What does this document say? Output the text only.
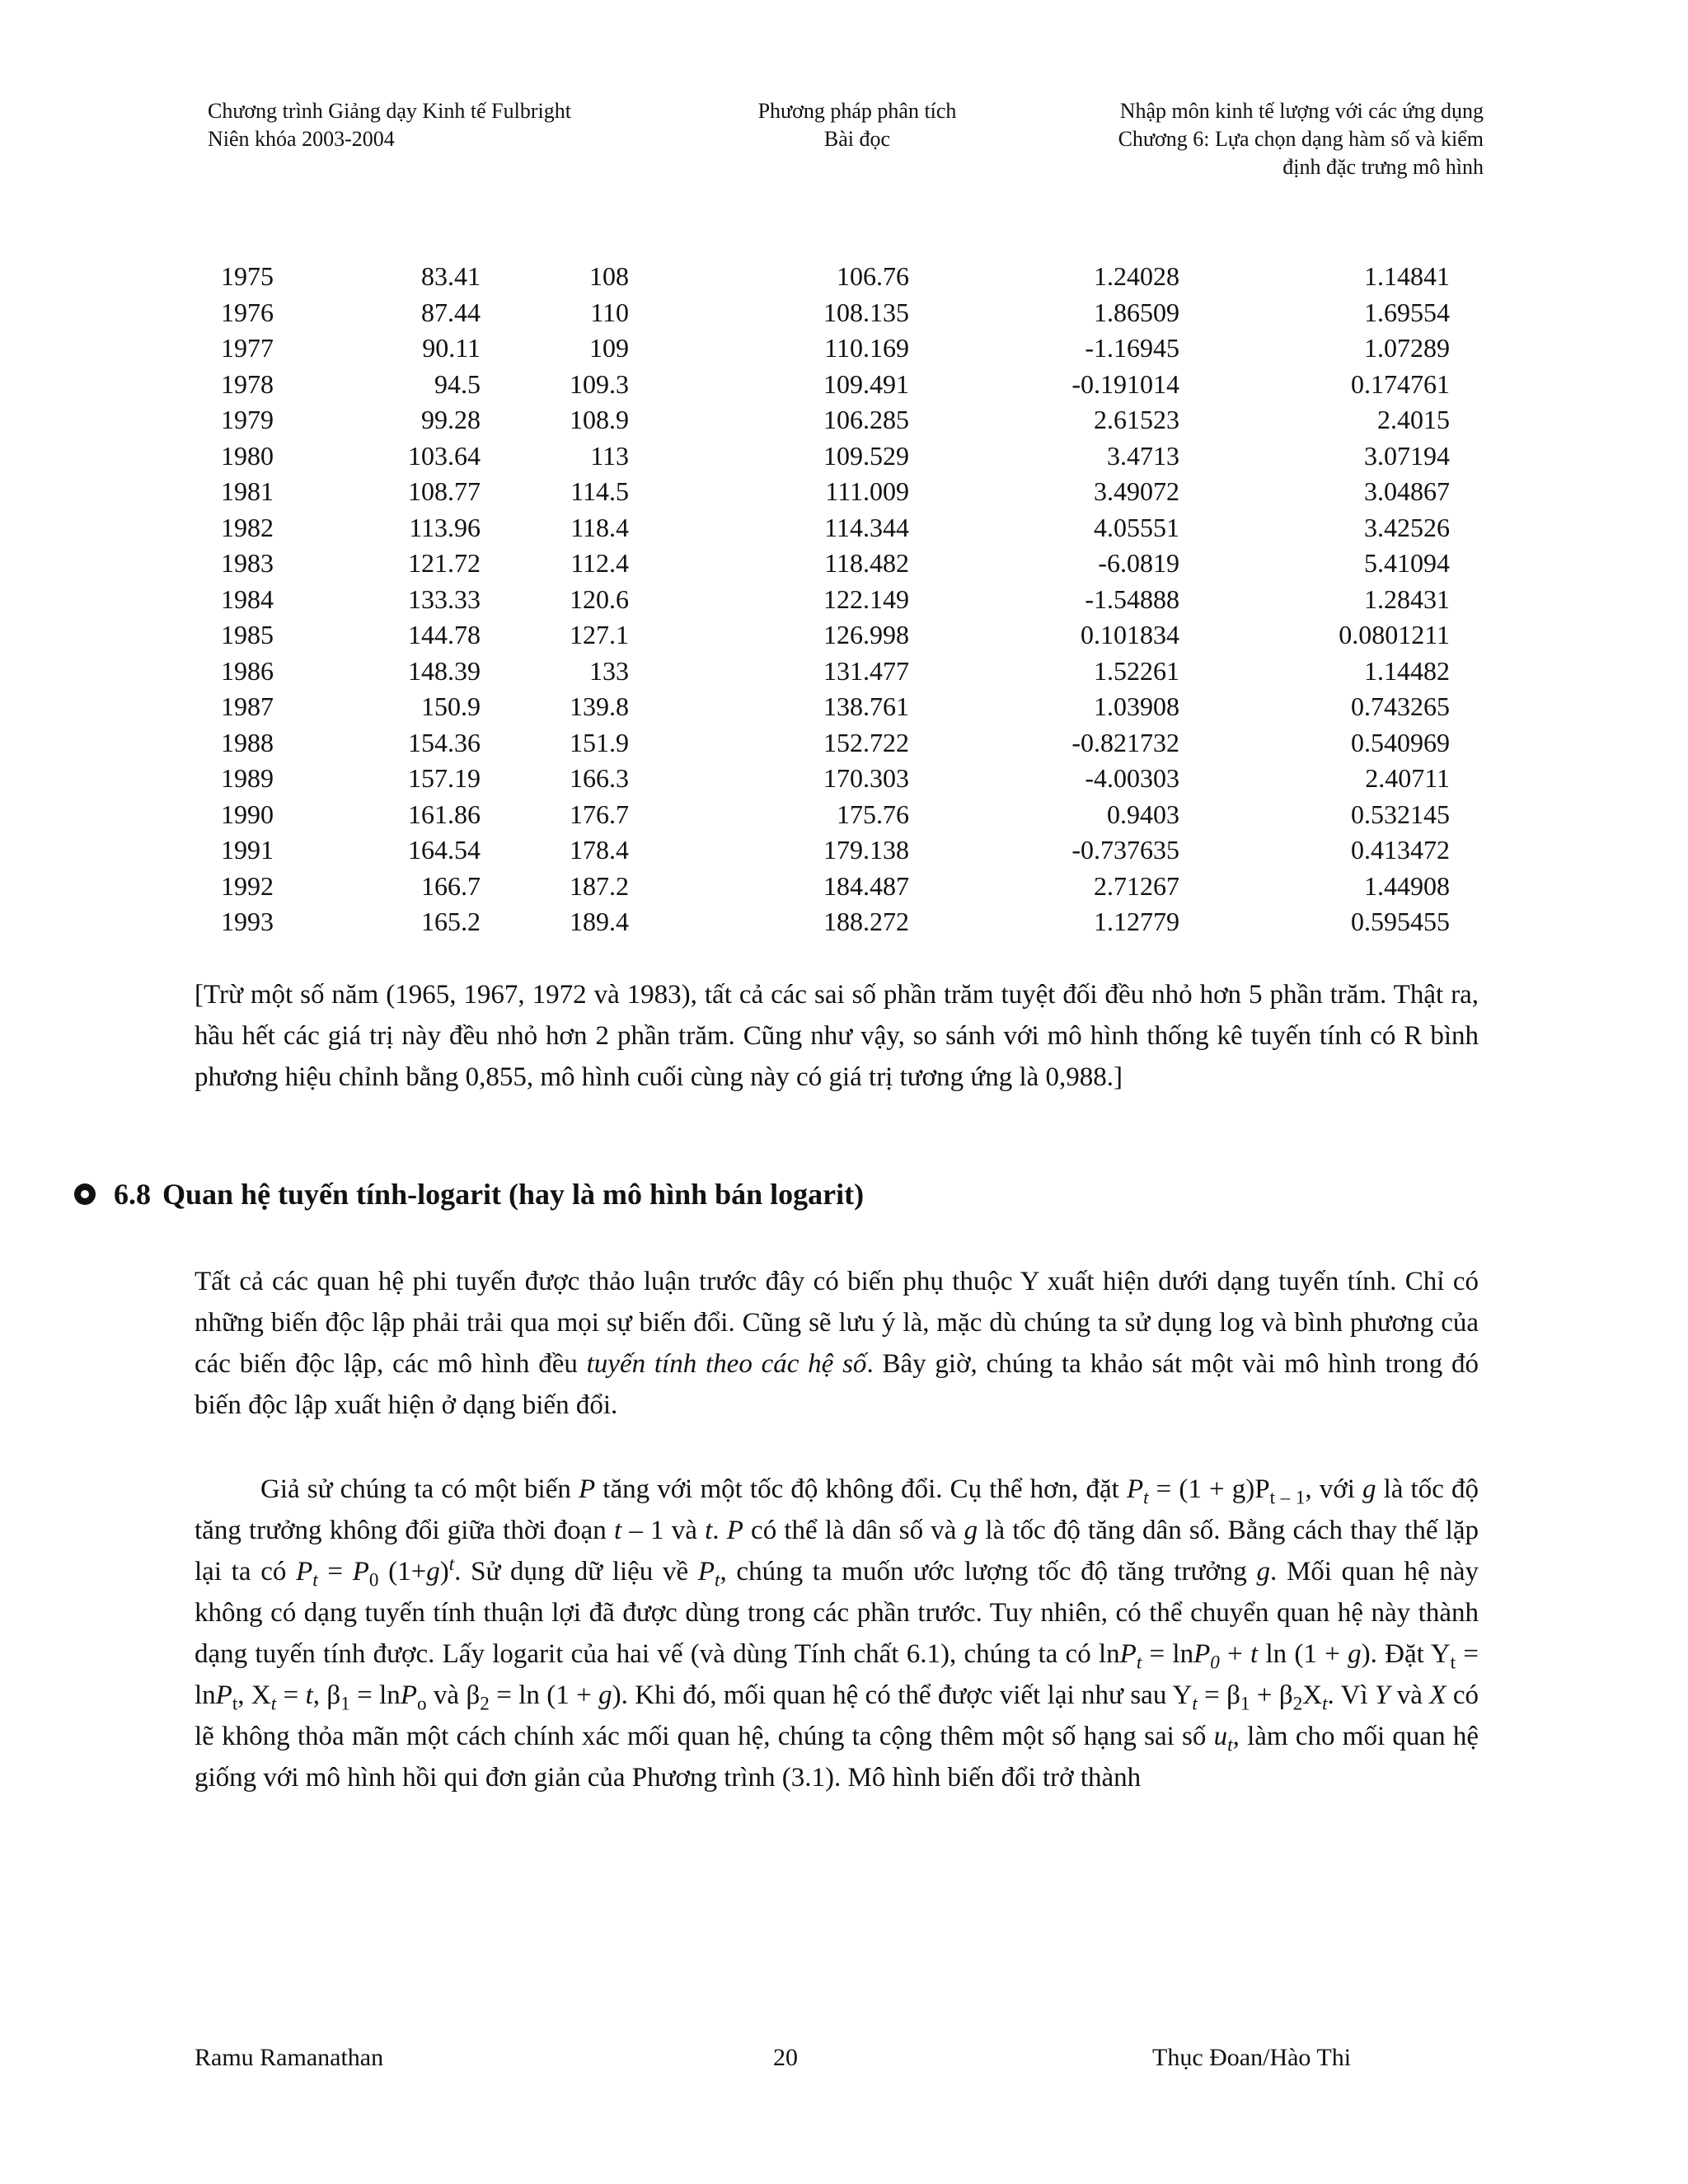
Chương trình Giảng dạy Kinh tế Fulbright
Niên khóa 2003-2004
Phương pháp phân tích
Bài đọc
Nhập môn kinh tế lượng với các ứng dụng
Chương 6: Lựa chọn dạng hàm số và kiểm
định đặc trưng mô hình
1975	83.41	108	106.76	1.24028	1.14841
1976	87.44	110	108.135	1.86509	1.69554
1977	90.11	109	110.169	-1.16945	1.07289
1978	94.5	109.3	109.491	-0.191014	0.174761
1979	99.28	108.9	106.285	2.61523	2.4015
1980	103.64	113	109.529	3.4713	3.07194
1981	108.77	114.5	111.009	3.49072	3.04867
1982	113.96	118.4	114.344	4.05551	3.42526
1983	121.72	112.4	118.482	-6.0819	5.41094
1984	133.33	120.6	122.149	-1.54888	1.28431
1985	144.78	127.1	126.998	0.101834	0.0801211
1986	148.39	133	131.477	1.52261	1.14482
1987	150.9	139.8	138.761	1.03908	0.743265
1988	154.36	151.9	152.722	-0.821732	0.540969
1989	157.19	166.3	170.303	-4.00303	2.40711
1990	161.86	176.7	175.76	0.9403	0.532145
1991	164.54	178.4	179.138	-0.737635	0.413472
1992	166.7	187.2	184.487	2.71267	1.44908
1993	165.2	189.4	188.272	1.12779	0.595455
[Trừ một số năm (1965, 1967, 1972 và 1983), tất cả các sai số phần trăm tuyệt đối đều nhỏ hơn 5 phần trăm. Thật ra, hầu hết các giá trị này đều nhỏ hơn 2 phần trăm. Cũng như vậy, so sánh với mô hình thống kê tuyến tính có R bình phương hiệu chỉnh bằng 0,855, mô hình cuối cùng này có giá trị tương ứng là 0,988.]
6.8 Quan hệ tuyến tính-logarit (hay là mô hình bán logarit)
Tất cả các quan hệ phi tuyến được thảo luận trước đây có biến phụ thuộc Y xuất hiện dưới dạng tuyến tính. Chỉ có những biến độc lập phải trải qua mọi sự biến đổi. Cũng sẽ lưu ý là, mặc dù chúng ta sử dụng log và bình phương của các biến độc lập, các mô hình đều tuyến tính theo các hệ số. Bây giờ, chúng ta khảo sát một vài mô hình trong đó biến độc lập xuất hiện ở dạng biến đổi.
Giả sử chúng ta có một biến P tăng với một tốc độ không đổi. Cụ thể hơn, đặt $P_t = (1 + g)P_{t - 1}$, với g là tốc độ tăng trưởng không đổi giữa thời đoạn t – 1 và t. P có thể là dân số và g là tốc độ tăng dân số. Bằng cách thay thế lặp lại ta có $P_t = P_0$ $(1+g)^t$. Sử dụng dữ liệu về $P_t$, chúng ta muốn ước lượng tốc độ tăng trưởng g. Mối quan hệ này không có dạng tuyến tính thuận lợi đã được dùng trong các phần trước. Tuy nhiên, có thể chuyển quan hệ này thành dạng tuyến tính được. Lấy logarit của hai vế (và dùng Tính chất 6.1), chúng ta có lnP$_t$ = lnP$_0$ + t ln (1 + g). Đặt $Y_t = \ln P_t$, $X_t = t$, $\beta_1 = \ln P_o$ và $\beta_2 = \ln (1 + g)$. Khi đó, mối quan hệ có thể được viết lại như sau $Y_t = \beta_1 + \beta_2X_t$. Vì Y và X có lẽ không thỏa mãn một cách chính xác mối quan hệ, chúng ta cộng thêm một số hạng sai số $u_t$, làm cho mối quan hệ giống với mô hình hồi qui đơn giản của Phương trình (3.1). Mô hình biến đổi trở thành
Ramu Ramanathan	20	Thục Đoan/Hào Thi
